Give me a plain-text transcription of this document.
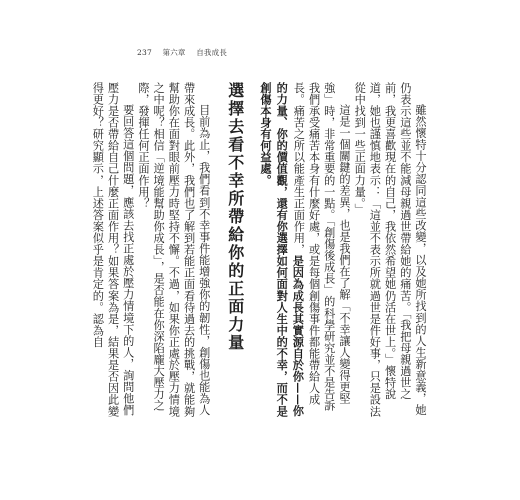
237 第六章 自我成長

雖然懷特十分認同這些改變，以及她所找到的人生新意義，她仍表示這些並不能減母親過世帶給她的痛苦。「我把母親過世之前，我更喜歡現在的自己，我依然希望她仍活在世上。」懷特說道，她也謹慎地表示：「這並不表示所就過世是件好事，只是設法從中找到一些正面力量。」

這是一個關鍵的差異，也是我們在了解「不幸讓人變得更堅強」時，非常重要的一點。「創傷後成長」的科學研究並不是告訴我們承受痛苦本身有什麼好處，或是每個創傷事件都能帶給人成長。痛苦之所以能產生正面作用，是因為成長其實源自於你——你的力量、你的價值觀，還有你選擇如何面對人生中的不幸，而不是創傷本身有何益處。

選擇去看不幸所帶給你的正面力量

目前為止，我們看到不幸事件能增強你的韌性，創傷也能為人帶來成長。此外，我們也了解到若能正面看待過去的挑戰，就能夠幫助你在面對眼前壓力時堅持不懈。不過，如果你正處於壓力情境之中呢？相信「逆境能幫助你成長」，是否能在你深陷龐大壓力之際，發揮任何正面作用？

要回答這個問題，應該去找正處於壓力情境下的人，詢問他們壓力是否帶給自己什麼正面作用？如果答案為是，結果是否因此變得更好？研究顯示，上述答案似乎是肯定的。認為自
